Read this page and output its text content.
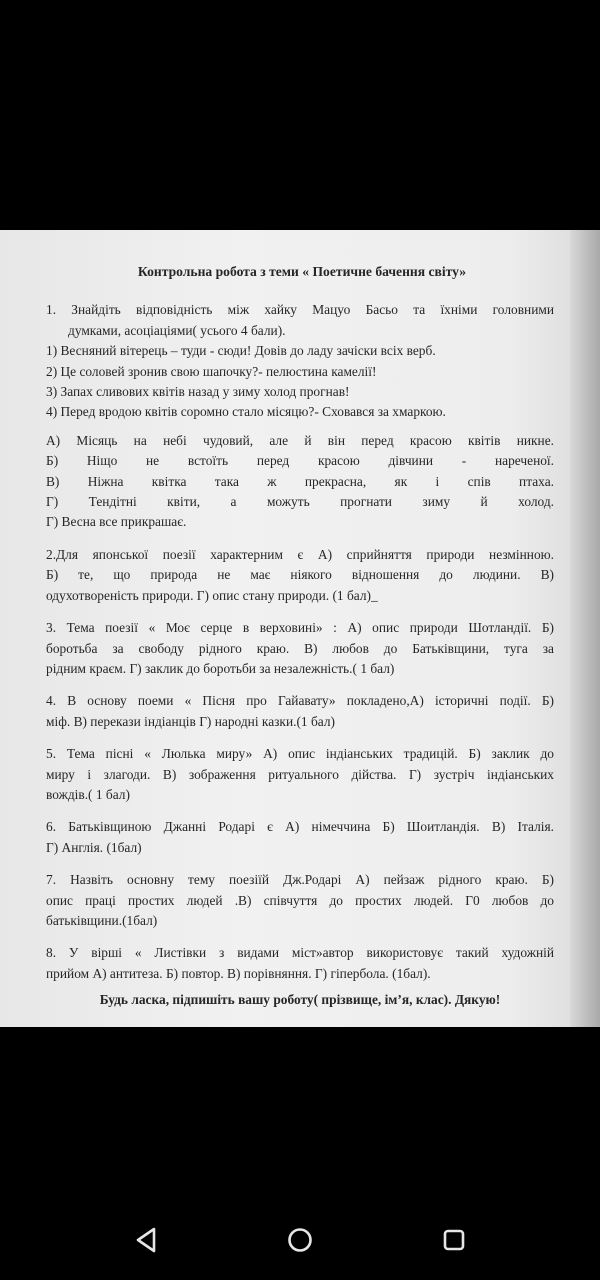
Контрольна робота з теми « Поетичне бачення світу»
1. Знайдіть відповідність між хайку Мацуо Басьо та їхніми головними
думками, асоціаціями( усього 4 бали).
1) Весняний вітерець – туди - сюди! Довів до ладу зачіски всіх верб.
2) Це соловей зронив свою шапочку?- пелюстина камелії!
3) Запах сливових квітів назад у зиму холод прогнав!
4) Перед вродою квітів соромно стало місяцю?- Сховався за хмаркою.
А) Місяць на небі чудовий, але й він перед красою квітів никне.
Б) Ніщо не встоїть перед красою дівчини - нареченої.
В) Ніжна квітка така ж прекрасна, як і спів птаха.
Г) Тендітні квіти, а можуть прогнати зиму й холод.
Г) Весна все прикрашає.
2.Для японської поезії характерним є А) сприйняття природи незмінною.
Б) те, що природа не має ніякого відношення до людини. В)
одухотвореність природи. Г) опис стану природи. (1 бал)_
3. Тема поезії « Моє серце в верховині» : А) опис природи Шотландії. Б)
боротьба за свободу рідного краю. В) любов до Батьківщини, туга за
рідним краєм. Г) заклик до боротьби за незалежність.( 1 бал)
4. В основу поеми « Пісня про Гайавату» покладено,А) історичні події. Б)
міф. В) перекази індіанців Г) народні казки.(1 бал)
5. Тема пісні « Люлька миру» А) опис індіанських традицій. Б) заклик до
миру і злагоди. В) зображення ритуального дійства. Г) зустріч індіанських
вождів.( 1 бал)
6. Батьківщиною Джанні Родарі є А) німеччина Б) Шоитландія. В) Італія.
Г) Англія. (1бал)
7. Назвіть основну тему поезіїй Дж.Родарі А) пейзаж рідного краю. Б)
опис праці простих людей .В) співчуття до простих людей. Г0 любов до
батьківщини.(1бал)
8. У вірші « Листівки з видами міст»автор використовує такий художній
прийом А) антитеза. Б) повтор. В) порівняння. Г) гіпербола. (1бал).
Будь ласка, підпишіть вашу роботу( прізвище, ім’я, клас). Дякую!
